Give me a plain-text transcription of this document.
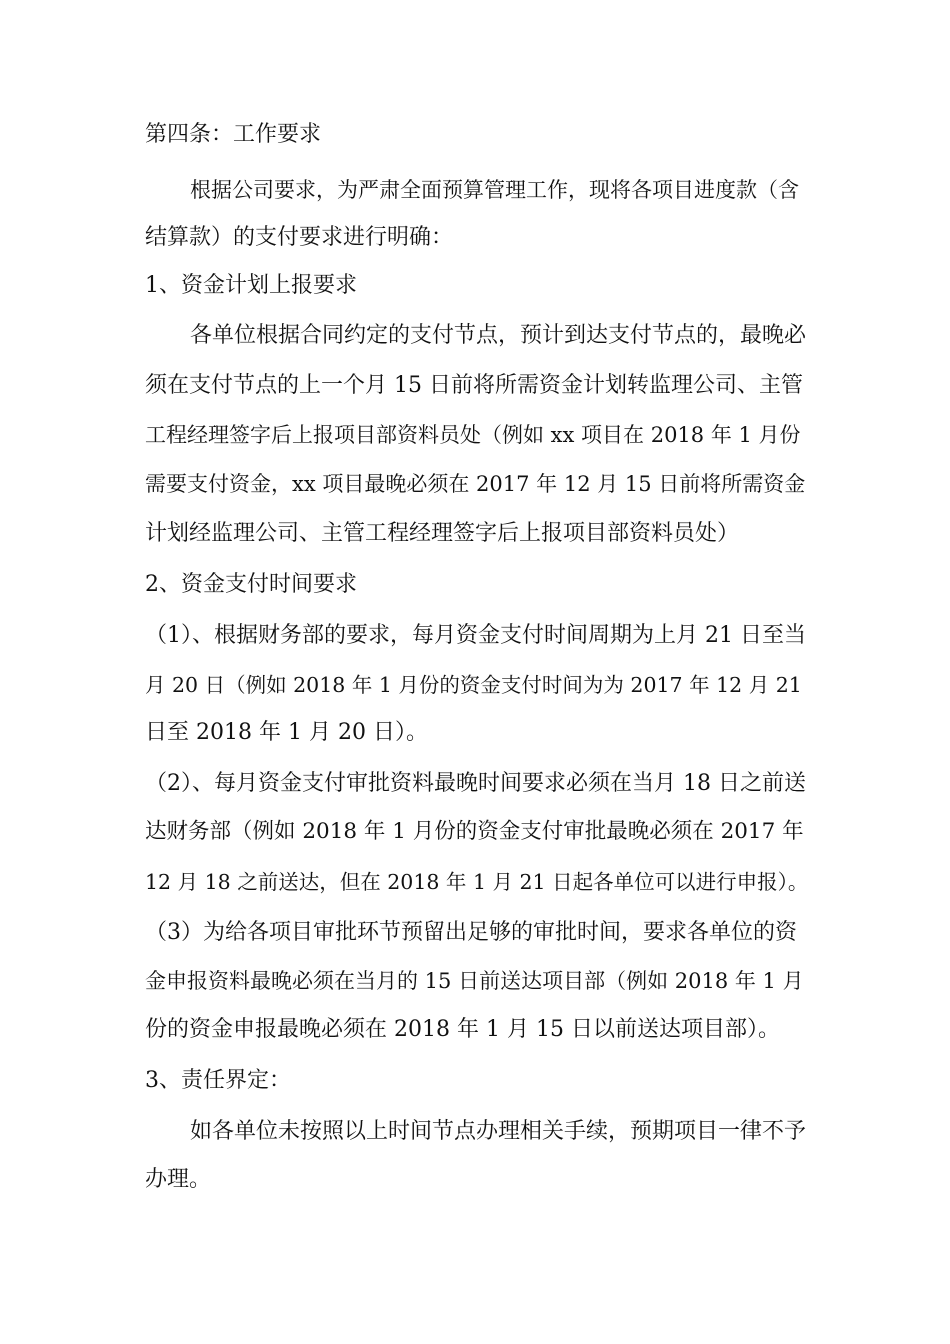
第四条：工作要求
根据公司要求，为严肃全面预算管理工作，现将各项目进度款（含
结算款）的支付要求进行明确：
1、资金计划上报要求
各单位根据合同约定的支付节点，预计到达支付节点的，最晚必
须在支付节点的上一个月 15 日前将所需资金计划转监理公司、主管
工程经理签字后上报项目部资料员处（例如 xx 项目在 2018 年 1 月份
需要支付资金，xx 项目最晚必须在 2017 年 12 月 15 日前将所需资金
计划经监理公司、主管工程经理签字后上报项目部资料员处）
2、资金支付时间要求
（1）、根据财务部的要求，每月资金支付时间周期为上月 21 日至当
月 20 日（例如 2018 年 1 月份的资金支付时间为为 2017 年 12 月 21
日至 2018 年 1 月 20 日）。
（2）、每月资金支付审批资料最晚时间要求必须在当月 18 日之前送
达财务部（例如 2018 年 1 月份的资金支付审批最晚必须在 2017 年
12 月 18 之前送达，但在 2018 年 1 月 21 日起各单位可以进行申报）。
（3）为给各项目审批环节预留出足够的审批时间，要求各单位的资
金申报资料最晚必须在当月的 15 日前送达项目部（例如 2018 年 1 月
份的资金申报最晚必须在 2018 年 1 月 15 日以前送达项目部）。
3、责任界定：
如各单位未按照以上时间节点办理相关手续，预期项目一律不予
办理。
